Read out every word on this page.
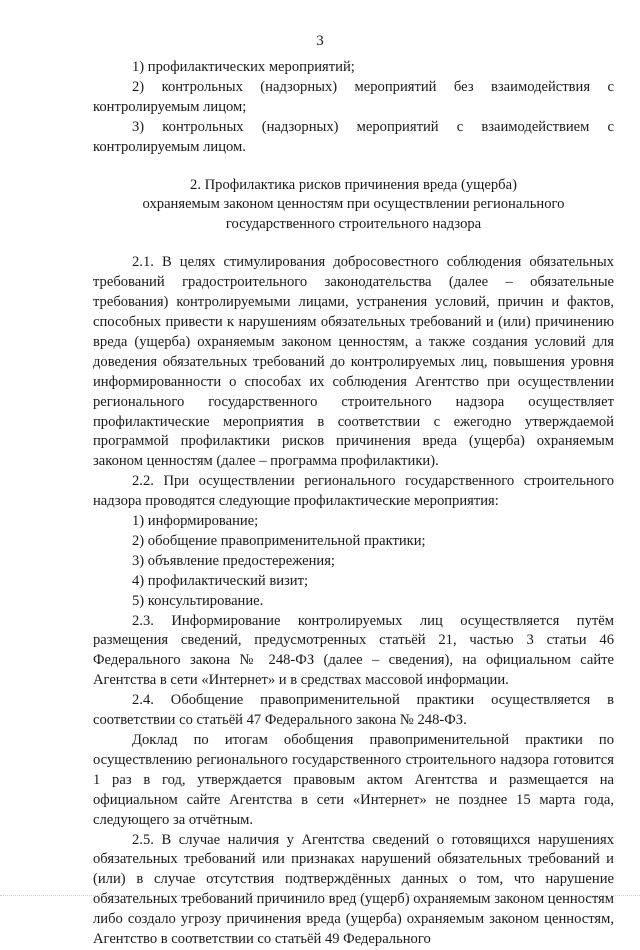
3

1) профилактических мероприятий;

2) контрольных (надзорных) мероприятий без взаимодействия с контролируемым лицом;

3) контрольных (надзорных) мероприятий с взаимодействием с контролируемым лицом.

2. Профилактика рисков причинения вреда (ущерба)
охраняемым законом ценностям при осуществлении регионального
государственного строительного надзора

2.1. В целях стимулирования добросовестного соблюдения обязательных требований градостроительного законодательства (далее – обязательные требования) контролируемыми лицами, устранения условий, причин и фактов, способных привести к нарушениям обязательных требований и (или) причинению вреда (ущерба) охраняемым законом ценностям, а также создания условий для доведения обязательных требований до контролируемых лиц, повышения уровня информированности о способах их соблюдения Агентство при осуществлении регионального государственного строительного надзора осуществляет профилактические мероприятия в соответствии с ежегодно утверждаемой программой профилактики рисков причинения вреда (ущерба) охраняемым законом ценностям (далее – программа профилактики).

2.2. При осуществлении регионального государственного строительного надзора проводятся следующие профилактические мероприятия:

1) информирование;
2) обобщение правоприменительной практики;
3) объявление предостережения;
4) профилактический визит;
5) консультирование.

2.3. Информирование контролируемых лиц осуществляется путём размещения сведений, предусмотренных статьёй 21, частью 3 статьи 46 Федерального закона № 248-ФЗ (далее – сведения), на официальном сайте Агентства в сети «Интернет» и в средствах массовой информации.

2.4. Обобщение правоприменительной практики осуществляется в соответствии со статьёй 47 Федерального закона № 248-ФЗ.

Доклад по итогам обобщения правоприменительной практики по осуществлению регионального государственного строительного надзора готовится 1 раз в год, утверждается правовым актом Агентства и размещается на официальном сайте Агентства в сети «Интернет» не позднее 15 марта года, следующего за отчётным.

2.5. В случае наличия у Агентства сведений о готовящихся нарушениях обязательных требований или признаках нарушений обязательных требований и (или) в случае отсутствия подтверждённых данных о том, что нарушение обязательных требований причинило вред (ущерб) охраняемым законом ценностям либо создало угрозу причинения вреда (ущерба) охраняемым законом ценностям, Агентство в соответствии со статьёй 49 Федерального
